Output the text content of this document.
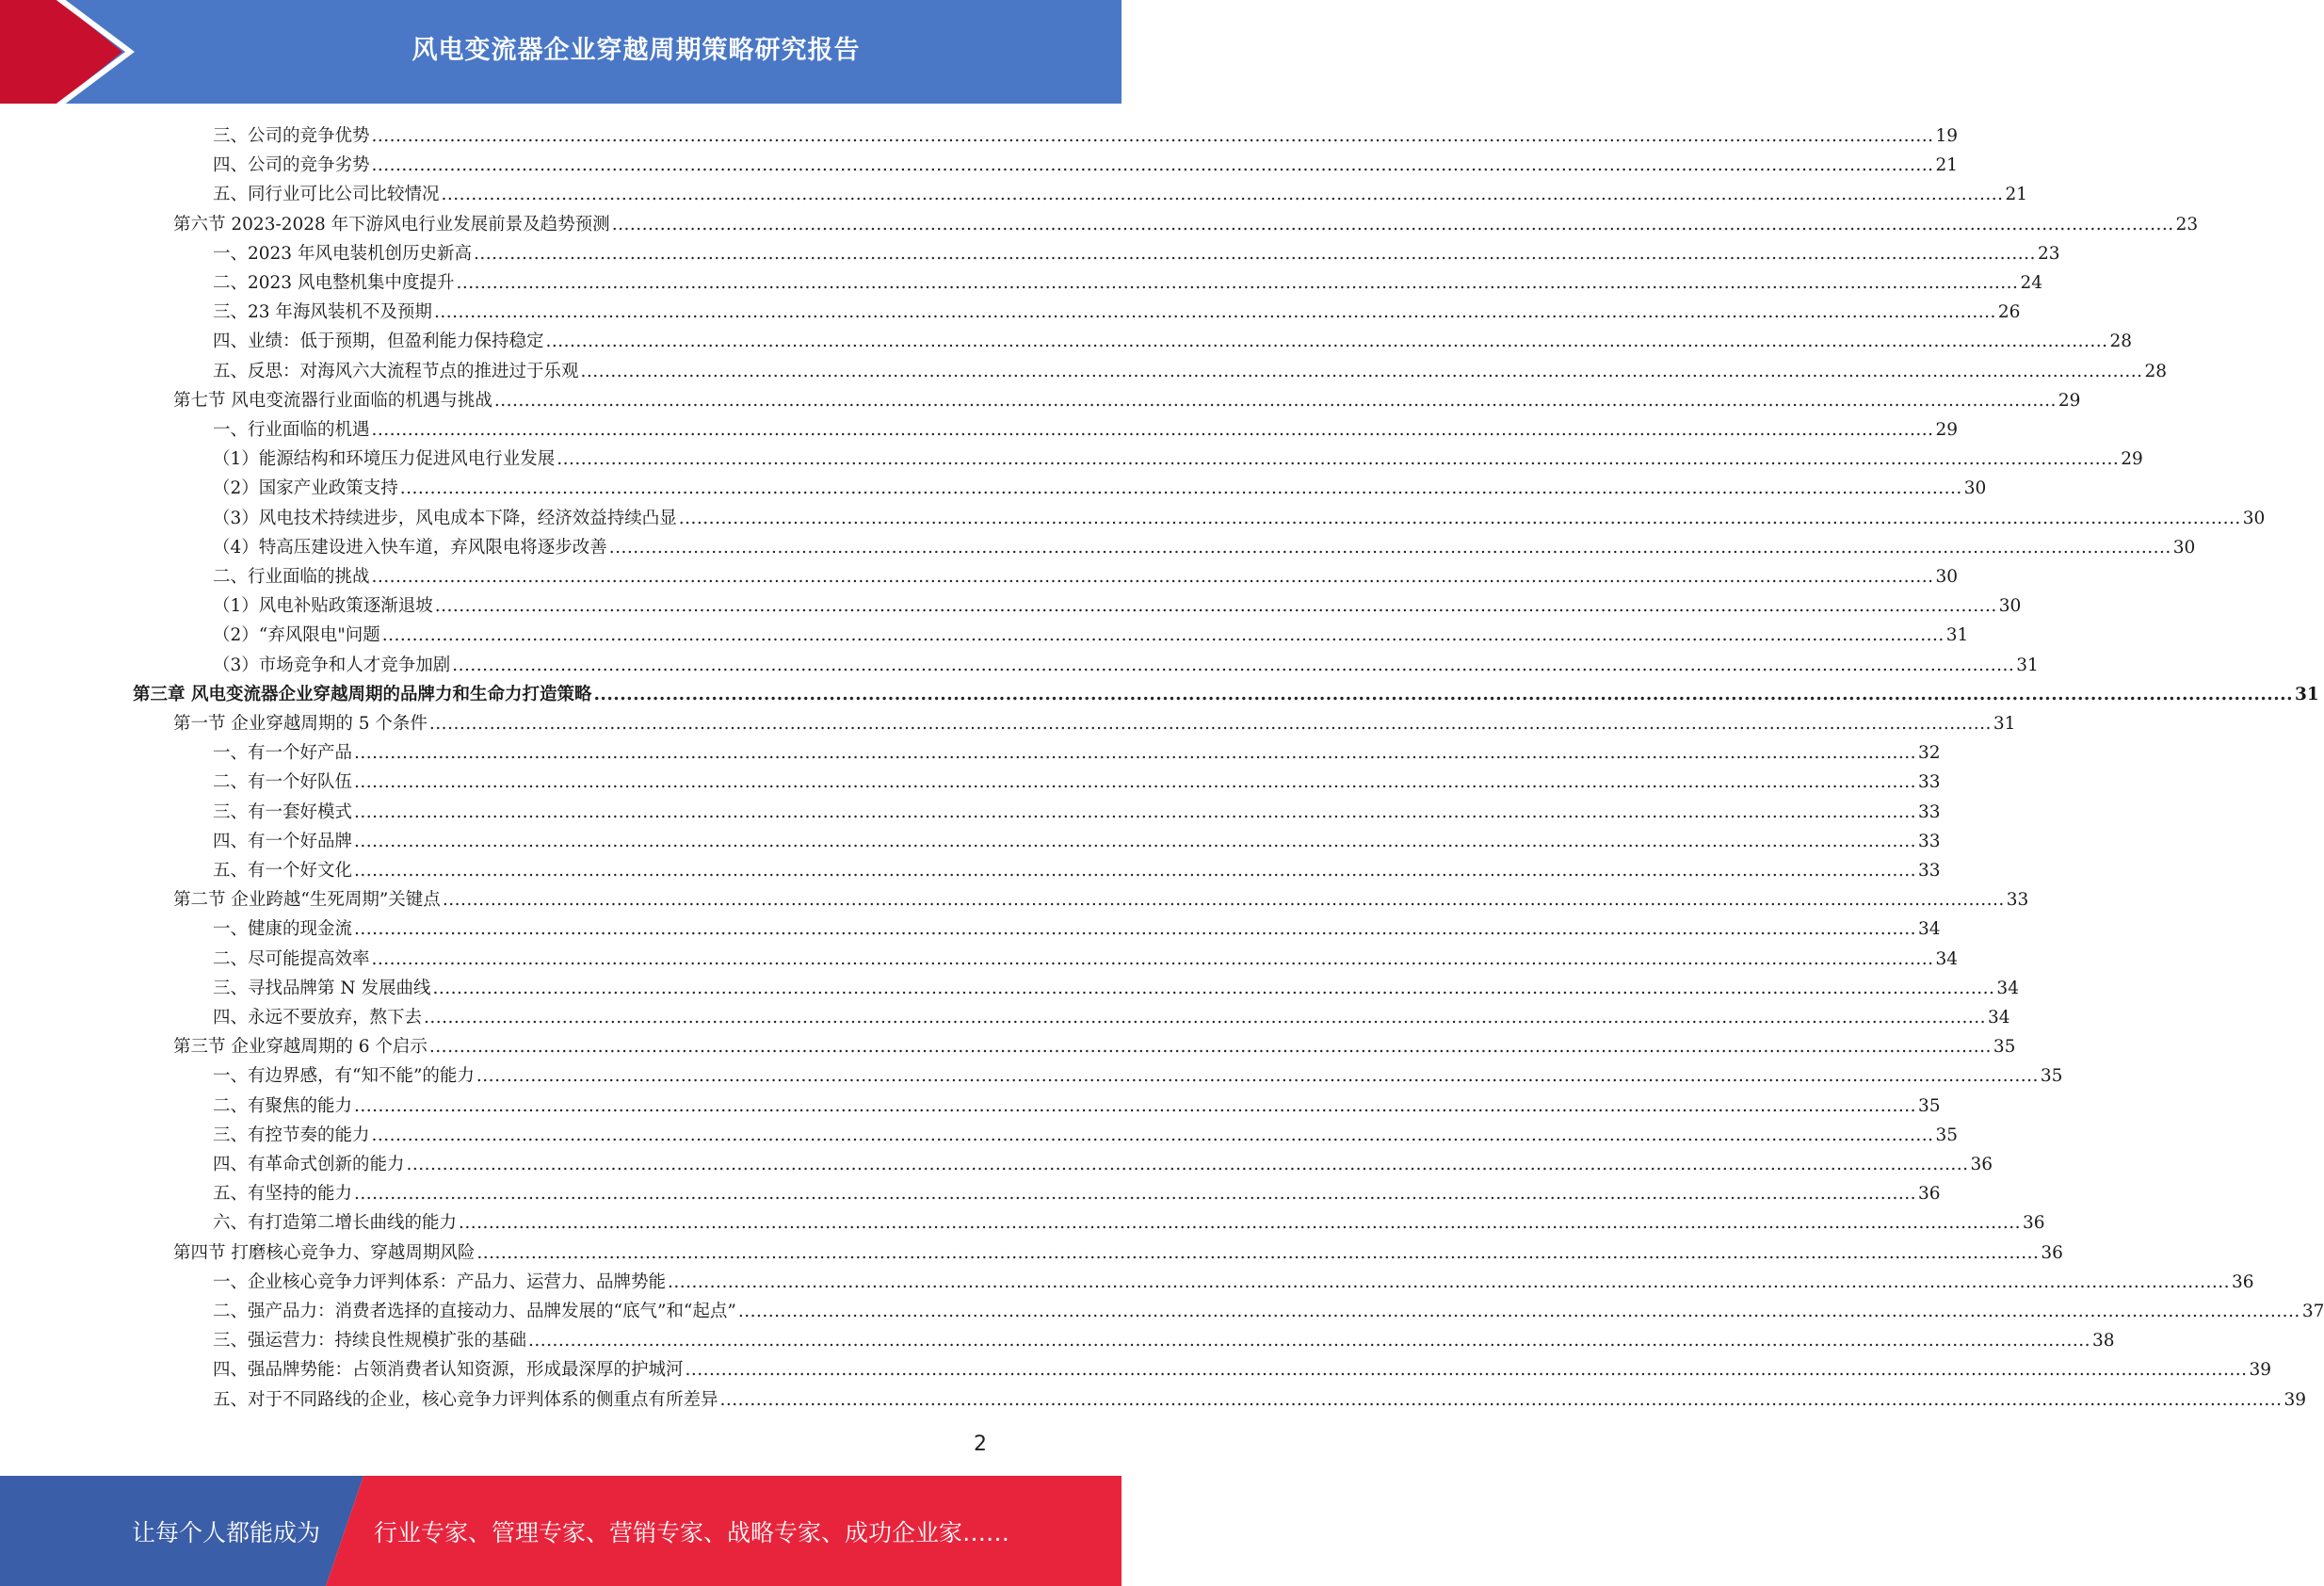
风电变流器企业穿越周期策略研究报告
三、公司的竞争优势 .................................................................................................................................................................................................................................................................... 19
四、公司的竞争劣势 .................................................................................................................................................................................................................................................................... 21
五、同行业可比公司比较情况 .................................................................................................................................................................................................................................................................... 21
第六节 2023-2028 年下游风电行业发展前景及趋势预测 .................................................................................................................................................................................................................................................................... 23
一、2023 年风电装机创历史新高 .................................................................................................................................................................................................................................................................... 23
二、2023 风电整机集中度提升 .................................................................................................................................................................................................................................................................... 24
三、23 年海风装机不及预期 .................................................................................................................................................................................................................................................................... 26
四、业绩：低于预期，但盈利能力保持稳定 .................................................................................................................................................................................................................................................................... 28
五、反思：对海风六大流程节点的推进过于乐观 .................................................................................................................................................................................................................................................................... 28
第七节 风电变流器行业面临的机遇与挑战 .................................................................................................................................................................................................................................................................... 29
一、行业面临的机遇 .................................................................................................................................................................................................................................................................... 29
（1）能源结构和环境压力促进风电行业发展 .................................................................................................................................................................................................................................................................... 29
（2）国家产业政策支持 .................................................................................................................................................................................................................................................................... 30
（3）风电技术持续进步，风电成本下降，经济效益持续凸显 .................................................................................................................................................................................................................................................................... 30
（4）特高压建设进入快车道，弃风限电将逐步改善 .................................................................................................................................................................................................................................................................... 30
二、行业面临的挑战 .................................................................................................................................................................................................................................................................... 30
（1）风电补贴政策逐渐退坡 .................................................................................................................................................................................................................................................................... 30
（2）“弃风限电"问题 .................................................................................................................................................................................................................................................................... 31
（3）市场竞争和人才竞争加剧 .................................................................................................................................................................................................................................................................... 31
第三章 风电变流器企业穿越周期的品牌力和生命力打造策略 .................................................................................................................................................................................................................................................................... 31
第一节 企业穿越周期的 5 个条件 .................................................................................................................................................................................................................................................................... 31
一、有一个好产品 .................................................................................................................................................................................................................................................................... 32
二、有一个好队伍 .................................................................................................................................................................................................................................................................... 33
三、有一套好模式 .................................................................................................................................................................................................................................................................... 33
四、有一个好品牌 .................................................................................................................................................................................................................................................................... 33
五、有一个好文化 .................................................................................................................................................................................................................................................................... 33
第二节 企业跨越“生死周期”关键点 .................................................................................................................................................................................................................................................................... 33
一、健康的现金流 .................................................................................................................................................................................................................................................................... 34
二、尽可能提高效率 .................................................................................................................................................................................................................................................................... 34
三、寻找品牌第 N 发展曲线 .................................................................................................................................................................................................................................................................... 34
四、永远不要放弃，熬下去 .................................................................................................................................................................................................................................................................... 34
第三节 企业穿越周期的 6 个启示 .................................................................................................................................................................................................................................................................... 35
一、有边界感，有“知不能”的能力 .................................................................................................................................................................................................................................................................... 35
二、有聚焦的能力 .................................................................................................................................................................................................................................................................... 35
三、有控节奏的能力 .................................................................................................................................................................................................................................................................... 35
四、有革命式创新的能力 .................................................................................................................................................................................................................................................................... 36
五、有坚持的能力 .................................................................................................................................................................................................................................................................... 36
六、有打造第二增长曲线的能力 .................................................................................................................................................................................................................................................................... 36
第四节 打磨核心竞争力、穿越周期风险 .................................................................................................................................................................................................................................................................... 36
一、企业核心竞争力评判体系：产品力、运营力、品牌势能 .................................................................................................................................................................................................................................................................... 36
二、强产品力：消费者选择的直接动力、品牌发展的“底气”和“起点” .................................................................................................................................................................................................................................................................... 37
三、强运营力：持续良性规模扩张的基础 .................................................................................................................................................................................................................................................................... 38
四、强品牌势能：占领消费者认知资源，形成最深厚的护城河 .................................................................................................................................................................................................................................................................... 39
五、对于不同路线的企业，核心竞争力评判体系的侧重点有所差异 .................................................................................................................................................................................................................................................................... 39
2
让每个人都能成为 行业专家、管理专家、营销专家、战略专家、成功企业家……
